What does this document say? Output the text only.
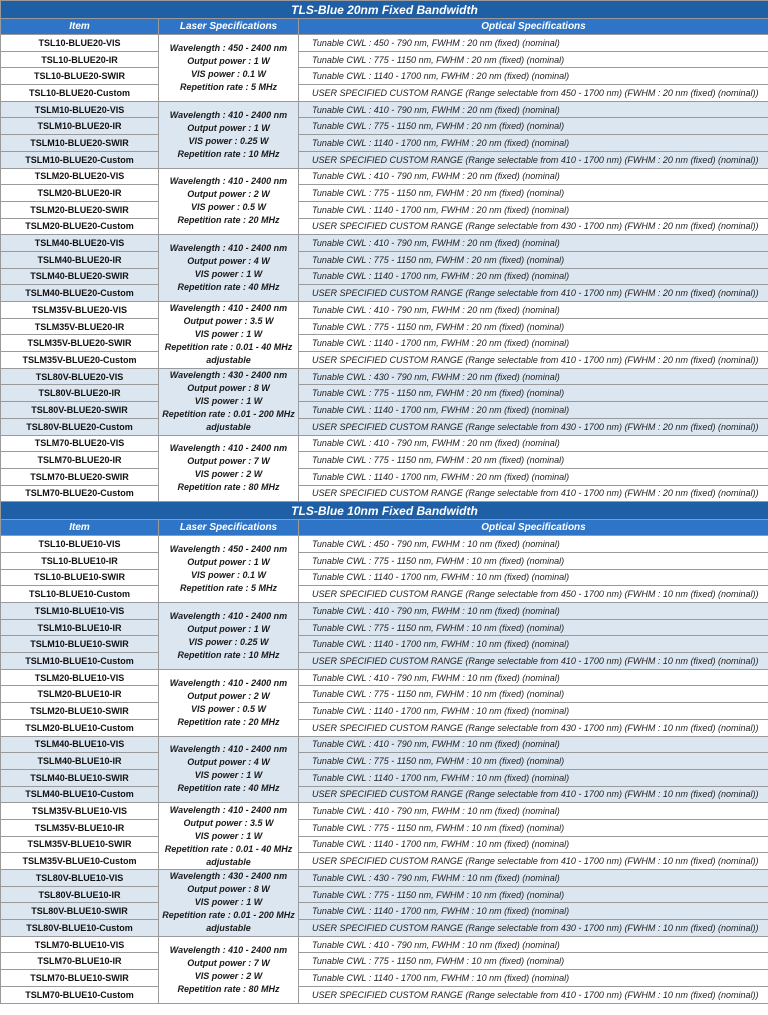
TLS-Blue 20nm Fixed Bandwidth		
Item	Laser Specifications	Optical Specifications
TSL10-BLUE20-VIS	Wavelength : 450 - 2400 nm
Output power : 1 W
VIS power : 0.1 W
Repetition rate : 5 MHz	Tunable CWL : 450 - 790 nm, FWHM : 20 nm (fixed) (nominal)
TSL10-BLUE20-IR		Tunable CWL : 775 - 1150 nm, FWHM : 20 nm (fixed) (nominal)
TSL10-BLUE20-SWIR		Tunable CWL : 1140 - 1700 nm, FWHM : 20 nm (fixed) (nominal)
TSL10-BLUE20-Custom		USER SPECIFIED CUSTOM RANGE (Range selectable from 450 - 1700 nm) (FWHM : 20 nm (fixed) (nominal))
TSLM10-BLUE20-VIS	Wavelength : 410 - 2400 nm
Output power : 1 W
VIS power : 0.25 W
Repetition rate : 10 MHz	Tunable CWL : 410 - 790 nm, FWHM : 20 nm (fixed) (nominal)
TSLM10-BLUE20-IR		Tunable CWL : 775 - 1150 nm, FWHM : 20 nm (fixed) (nominal)
TSLM10-BLUE20-SWIR		Tunable CWL : 1140 - 1700 nm, FWHM : 20 nm (fixed) (nominal)
TSLM10-BLUE20-Custom		USER SPECIFIED CUSTOM RANGE (Range selectable from 410 - 1700 nm) (FWHM : 20 nm (fixed) (nominal))
TSLM20-BLUE20-VIS	Wavelength : 410 - 2400 nm
Output power : 2 W
VIS power : 0.5 W
Repetition rate : 20 MHz	Tunable CWL : 410 - 790 nm, FWHM : 20 nm (fixed) (nominal)
TSLM20-BLUE20-IR		Tunable CWL : 775 - 1150 nm, FWHM : 20 nm (fixed) (nominal)
TSLM20-BLUE20-SWIR		Tunable CWL : 1140 - 1700 nm, FWHM : 20 nm (fixed) (nominal)
TSLM20-BLUE20-Custom		USER SPECIFIED CUSTOM RANGE (Range selectable from 430 - 1700 nm) (FWHM : 20 nm (fixed) (nominal))
TSLM40-BLUE20-VIS	Wavelength : 410 - 2400 nm
Output power : 4 W
VIS power : 1 W
Repetition rate : 40 MHz	Tunable CWL : 410 - 790 nm, FWHM : 20 nm (fixed) (nominal)
TSLM40-BLUE20-IR		Tunable CWL : 775 - 1150 nm, FWHM : 20 nm (fixed) (nominal)
TSLM40-BLUE20-SWIR		Tunable CWL : 1140 - 1700 nm, FWHM : 20 nm (fixed) (nominal)
TSLM40-BLUE20-Custom		USER SPECIFIED CUSTOM RANGE (Range selectable from 410 - 1700 nm) (FWHM : 20 nm (fixed) (nominal))
TSLM35V-BLUE20-VIS	Wavelength : 410 - 2400 nm
Output power : 3.5 W
VIS power : 1 W
Repetition rate : 0.01 - 40 MHz
adjustable	Tunable CWL : 410 - 790 nm, FWHM : 20 nm (fixed) (nominal)
TSLM35V-BLUE20-IR		Tunable CWL : 775 - 1150 nm, FWHM : 20 nm (fixed) (nominal)
TSLM35V-BLUE20-SWIR		Tunable CWL : 1140 - 1700 nm, FWHM : 20 nm (fixed) (nominal)
TSLM35V-BLUE20-Custom		USER SPECIFIED CUSTOM RANGE (Range selectable from 410 - 1700 nm) (FWHM : 20 nm (fixed) (nominal))
TSL80V-BLUE20-VIS	Wavelength : 430 - 2400 nm
Output power : 8 W
VIS power : 1 W
Repetition rate : 0.01 - 200 MHz
adjustable	Tunable CWL : 430 - 790 nm, FWHM : 20 nm (fixed) (nominal)
TSL80V-BLUE20-IR		Tunable CWL : 775 - 1150 nm, FWHM : 20 nm (fixed) (nominal)
TSL80V-BLUE20-SWIR		Tunable CWL : 1140 - 1700 nm, FWHM : 20 nm (fixed) (nominal)
TSL80V-BLUE20-Custom		USER SPECIFIED CUSTOM RANGE (Range selectable from 430 - 1700 nm) (FWHM : 20 nm (fixed) (nominal))
TSLM70-BLUE20-VIS	Wavelength : 410 - 2400 nm
Output power : 7 W
VIS power : 2 W
Repetition rate : 80 MHz	Tunable CWL : 410 - 790 nm, FWHM : 20 nm (fixed) (nominal)
TSLM70-BLUE20-IR		Tunable CWL : 775 - 1150 nm, FWHM : 20 nm (fixed) (nominal)
TSLM70-BLUE20-SWIR		Tunable CWL : 1140 - 1700 nm, FWHM : 20 nm (fixed) (nominal)
TSLM70-BLUE20-Custom		USER SPECIFIED CUSTOM RANGE (Range selectable from 410 - 1700 nm) (FWHM : 20 nm (fixed) (nominal))
TLS-Blue 10nm Fixed Bandwidth		
Item	Laser Specifications	Optical Specifications
TSL10-BLUE10-VIS	Wavelength : 450 - 2400 nm
Output power : 1 W
VIS power : 0.1 W
Repetition rate : 5 MHz	Tunable CWL : 450 - 790 nm, FWHM : 10 nm (fixed) (nominal)
TSL10-BLUE10-IR		Tunable CWL : 775 - 1150 nm, FWHM : 10 nm (fixed) (nominal)
TSL10-BLUE10-SWIR		Tunable CWL : 1140 - 1700 nm, FWHM : 10 nm (fixed) (nominal)
TSL10-BLUE10-Custom		USER SPECIFIED CUSTOM RANGE (Range selectable from 450 - 1700 nm) (FWHM : 10 nm (fixed) (nominal))
TSLM10-BLUE10-VIS	Wavelength : 410 - 2400 nm
Output power : 1 W
VIS power : 0.25 W
Repetition rate : 10 MHz	Tunable CWL : 410 - 790 nm, FWHM : 10 nm (fixed) (nominal)
TSLM10-BLUE10-IR		Tunable CWL : 775 - 1150 nm, FWHM : 10 nm (fixed) (nominal)
TSLM10-BLUE10-SWIR		Tunable CWL : 1140 - 1700 nm, FWHM : 10 nm (fixed) (nominal)
TSLM10-BLUE10-Custom		USER SPECIFIED CUSTOM RANGE (Range selectable from 410 - 1700 nm) (FWHM : 10 nm (fixed) (nominal))
TSLM20-BLUE10-VIS	Wavelength : 410 - 2400 nm
Output power : 2 W
VIS power : 0.5 W
Repetition rate : 20 MHz	Tunable CWL : 410 - 790 nm, FWHM : 10 nm (fixed) (nominal)
TSLM20-BLUE10-IR		Tunable CWL : 775 - 1150 nm, FWHM : 10 nm (fixed) (nominal)
TSLM20-BLUE10-SWIR		Tunable CWL : 1140 - 1700 nm, FWHM : 10 nm (fixed) (nominal)
TSLM20-BLUE10-Custom		USER SPECIFIED CUSTOM RANGE (Range selectable from 430 - 1700 nm) (FWHM : 10 nm (fixed) (nominal))
TSLM40-BLUE10-VIS	Wavelength : 410 - 2400 nm
Output power : 4 W
VIS power : 1 W
Repetition rate : 40 MHz	Tunable CWL : 410 - 790 nm, FWHM : 10 nm (fixed) (nominal)
TSLM40-BLUE10-IR		Tunable CWL : 775 - 1150 nm, FWHM : 10 nm (fixed) (nominal)
TSLM40-BLUE10-SWIR		Tunable CWL : 1140 - 1700 nm, FWHM : 10 nm (fixed) (nominal)
TSLM40-BLUE10-Custom		USER SPECIFIED CUSTOM RANGE (Range selectable from 410 - 1700 nm) (FWHM : 10 nm (fixed) (nominal))
TSLM35V-BLUE10-VIS	Wavelength : 410 - 2400 nm
Output power : 3.5 W
VIS power : 1 W
Repetition rate : 0.01 - 40 MHz
adjustable	Tunable CWL : 410 - 790 nm, FWHM : 10 nm (fixed) (nominal)
TSLM35V-BLUE10-IR		Tunable CWL : 775 - 1150 nm, FWHM : 10 nm (fixed) (nominal)
TSLM35V-BLUE10-SWIR		Tunable CWL : 1140 - 1700 nm, FWHM : 10 nm (fixed) (nominal)
TSLM35V-BLUE10-Custom		USER SPECIFIED CUSTOM RANGE (Range selectable from 410 - 1700 nm) (FWHM : 10 nm (fixed) (nominal))
TSL80V-BLUE10-VIS	Wavelength : 430 - 2400 nm
Output power : 8 W
VIS power : 1 W
Repetition rate : 0.01 - 200 MHz
adjustable	Tunable CWL : 430 - 790 nm, FWHM : 10 nm (fixed) (nominal)
TSL80V-BLUE10-IR		Tunable CWL : 775 - 1150 nm, FWHM : 10 nm (fixed) (nominal)
TSL80V-BLUE10-SWIR		Tunable CWL : 1140 - 1700 nm, FWHM : 10 nm (fixed) (nominal)
TSL80V-BLUE10-Custom		USER SPECIFIED CUSTOM RANGE (Range selectable from 430 - 1700 nm) (FWHM : 10 nm (fixed) (nominal))
TSLM70-BLUE10-VIS	Wavelength : 410 - 2400 nm
Output power : 7 W
VIS power : 2 W
Repetition rate : 80 MHz	Tunable CWL : 410 - 790 nm, FWHM : 10 nm (fixed) (nominal)
TSLM70-BLUE10-IR		Tunable CWL : 775 - 1150 nm, FWHM : 10 nm (fixed) (nominal)
TSLM70-BLUE10-SWIR		Tunable CWL : 1140 - 1700 nm, FWHM : 10 nm (fixed) (nominal)
TSLM70-BLUE10-Custom		USER SPECIFIED CUSTOM RANGE (Range selectable from 410 - 1700 nm) (FWHM : 10 nm (fixed) (nominal))
